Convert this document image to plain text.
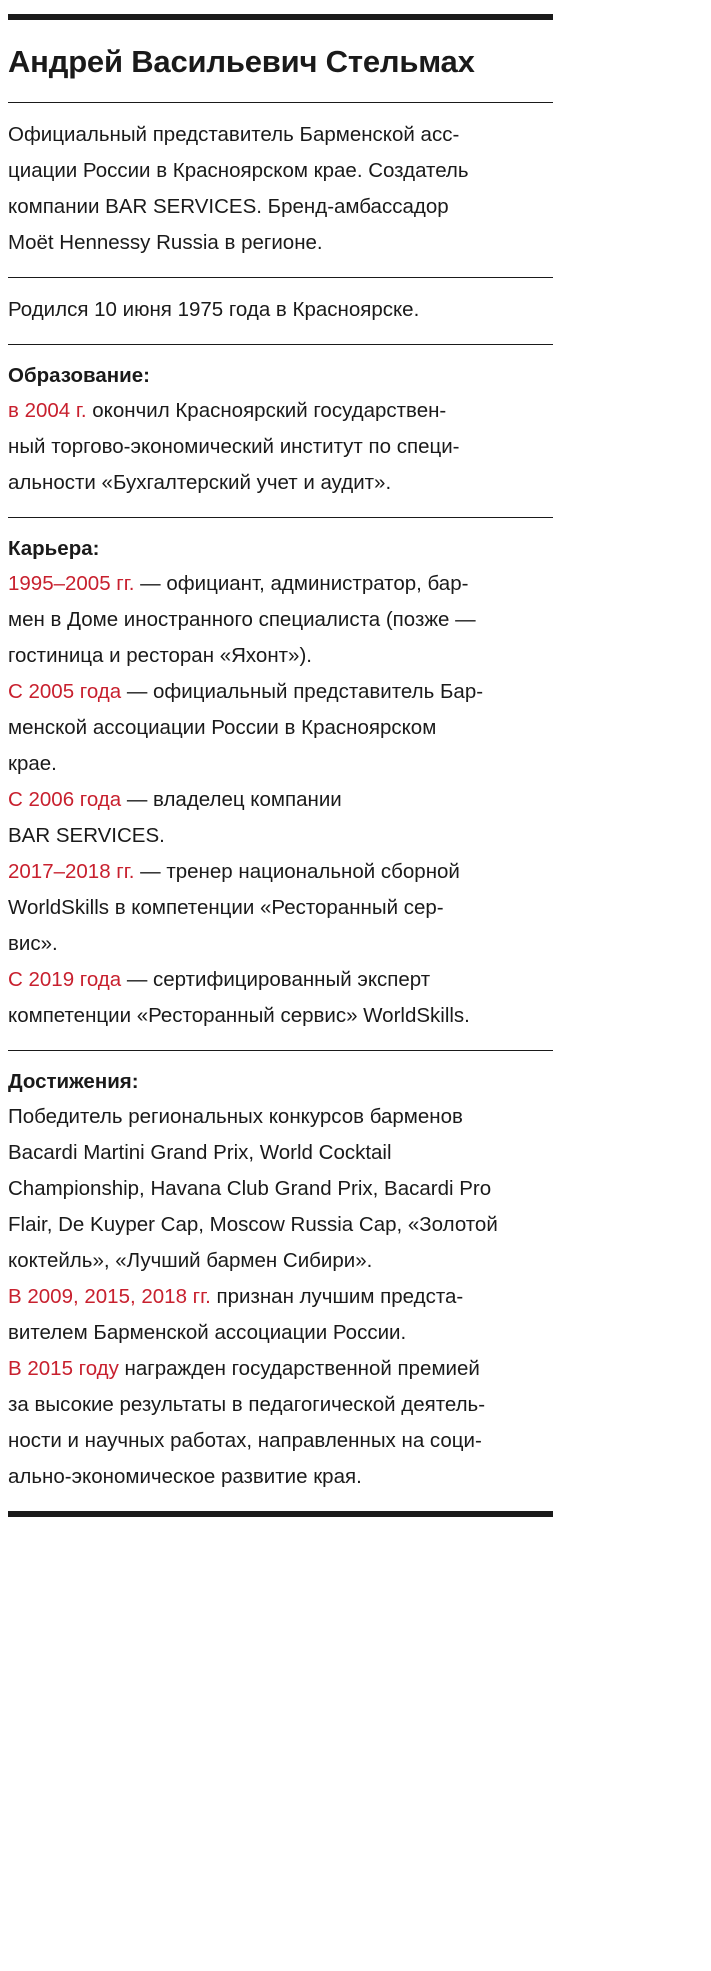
Андрей Васильевич Стельмах

Официальный представитель Барменской асс-

циации России в Красноярском крае. Создатель

компании BAR SERVICES. Бренд-амбассадор

Moët Hennessy Russia в регионе.

Родился 10 июня 1975 года в Красноярске.

Образование:

в 2004 г. окончил Красноярский государствен-

ный торгово-экономический институт по специ-

альности «Бухгалтерский учет и аудит».

Карьера:

1995–2005 гг. — официант, администратор, бар-

мен в Доме иностранного специалиста (позже —

гостиница и ресторан «Яхонт»).

С 2005 года — официальный представитель Бар-

менской ассоциации России в Красноярском

крае.

С 2006 года — владелец компании

BAR SERVICES.

2017–2018 гг. — тренер национальной сборной

WorldSkills в компетенции «Ресторанный сер-

вис».

С 2019 года — сертифицированный эксперт

компетенции «Ресторанный сервис» WorldSkills.

Достижения:

Победитель региональных конкурсов барменов

Bacardi Martini Grand Prix, World Cocktail

Championship, Havana Club Grand Prix, Bacardi Pro

Flair, De Kuyper Cap, Moscow Russia Cap, «Золотой

коктейль», «Лучший бармен Сибири».

В 2009, 2015, 2018 гг. признан лучшим предста-

вителем Барменской ассоциации России.

В 2015 году награжден государственной премией

за высокие результаты в педагогической деятель-

ности и научных работах, направленных на соци-

ально-экономическое развитие края.
